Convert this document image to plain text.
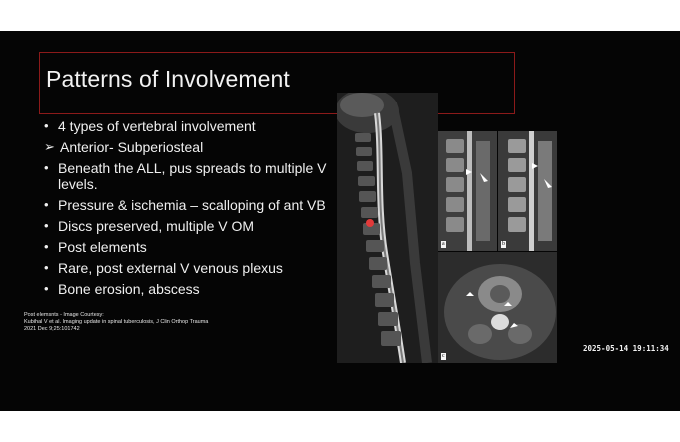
Patterns of Involvement
• 4 types of vertebral involvement
➢ Anterior- Subperiosteal
• Beneath the ALL, pus spreads to multiple V levels.
• Pressure & ischemia – scalloping of ant VB
• Discs preserved, multiple V OM
• Post elements
• Rare, post external V venous plexus
• Bone erosion, abscess
a	b
c
Post elemsnts - Image Courtesy:
Kubihal V et al. Imaging update in spinal tuberculosis, J Clin Orthop Trauma
2021 Dec 9;25:101742
2025-05-14 19:11:34
